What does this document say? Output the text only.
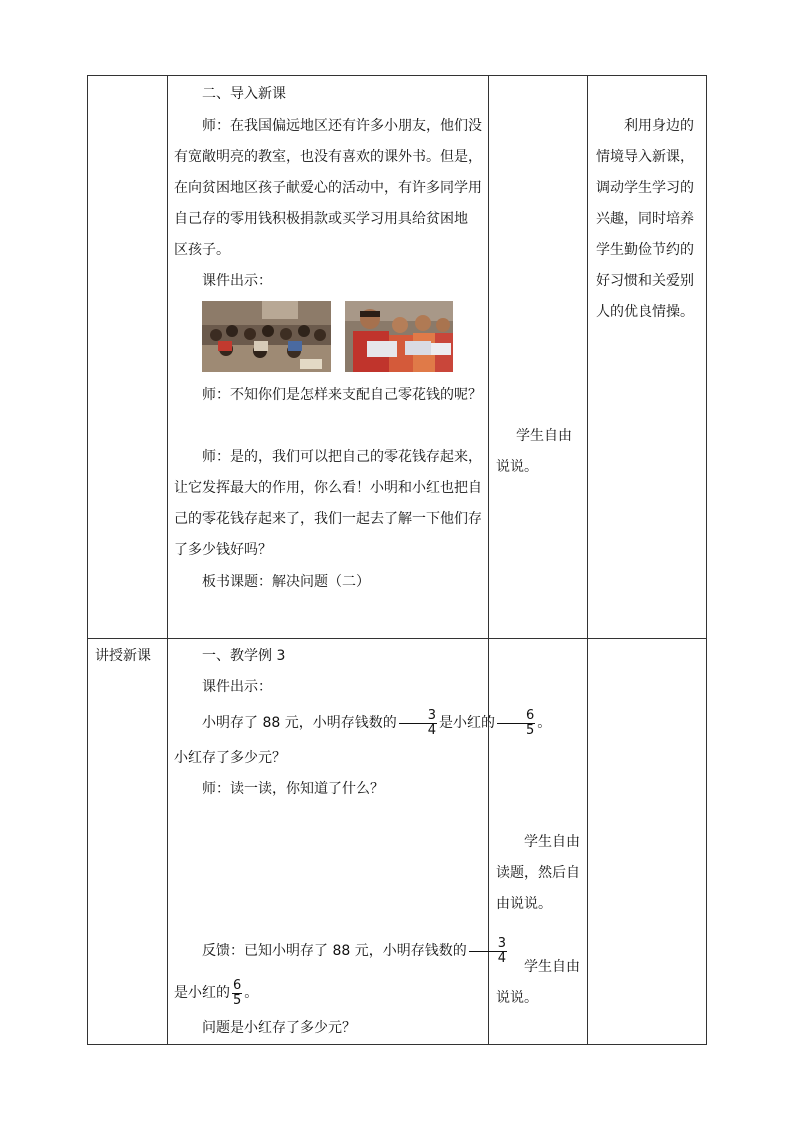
二、导入新课
师：在我国偏远地区还有许多小朋友，他们没
有宽敞明亮的教室，也没有喜欢的课外书。但是，
在向贫困地区孩子献爱心的活动中，有许多同学用
自己存的零用钱积极捐款或买学习用具给贫困地
区孩子。
课件出示：
师：不知你们是怎样来支配自己零花钱的呢？
师：是的，我们可以把自己的零花钱存起来，
让它发挥最大的作用，你么看！小明和小红也把自
己的零花钱存起来了，我们一起去了解一下他们存
了多少钱好吗？
板书课题：解决问题（二）
学生自由
说说。
利用身边的
情境导入新课，
调动学生学习的
兴趣，同时培养
学生勤俭节约的
好习惯和关爱别
人的优良情操。
讲授新课	一、教学例 3
课件出示：
小明存了 88 元，小明存钱数的 $\frac{3}{4}$ 是小红的 $\frac{6}{5}$ 。
小红存了多少元？
师：读一读，你知道了什么？
反馈：已知小明存了 88 元，小明存钱数的 $\frac{3}{4}$
是小红的 $\frac{6}{5}$ 。
问题是小红存了多少元？
学生自由
读题，然后自
由说说。
学生自由
说说。
